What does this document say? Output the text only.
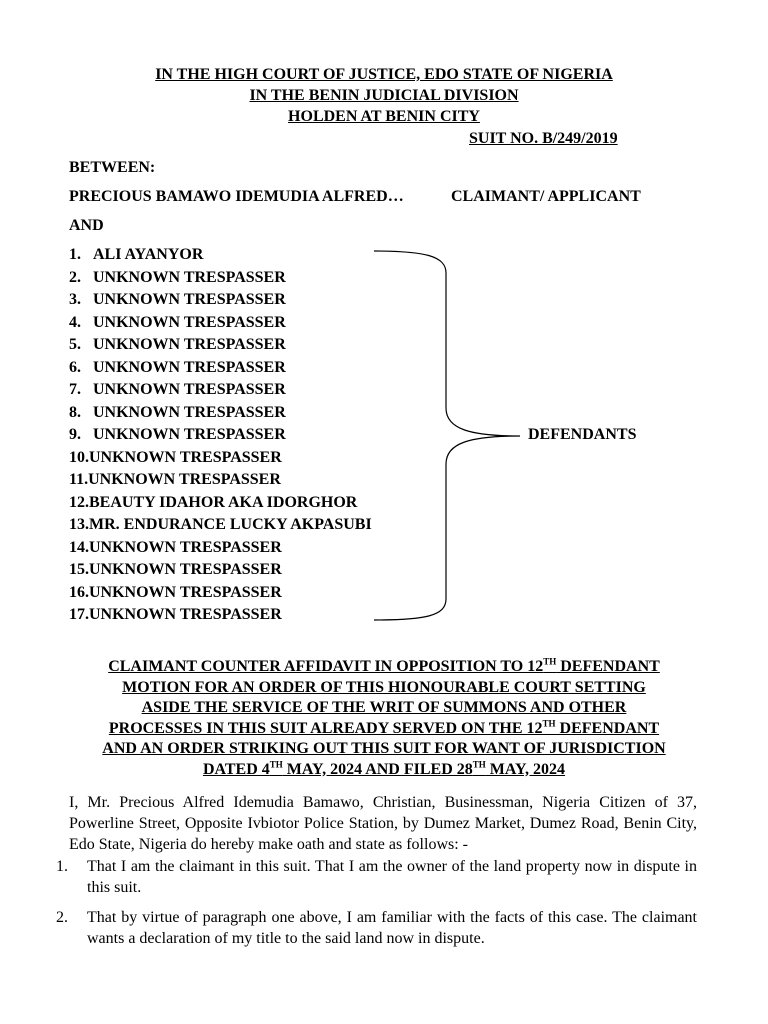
IN THE HIGH COURT OF JUSTICE, EDO STATE OF NIGERIA
IN THE BENIN JUDICIAL DIVISION
HOLDEN AT BENIN CITY
SUIT NO. B/249/2019
BETWEEN:
PRECIOUS BAMAWO IDEMUDIA ALFRED…	CLAIMANT/ APPLICANT
AND
1. ALI AYANYOR
2. UNKNOWN TRESPASSER
3. UNKNOWN TRESPASSER
4. UNKNOWN TRESPASSER
5. UNKNOWN TRESPASSER
6. UNKNOWN TRESPASSER
7. UNKNOWN TRESPASSER
8. UNKNOWN TRESPASSER
9. UNKNOWN TRESPASSER
10.UNKNOWN TRESPASSER
11.UNKNOWN TRESPASSER
12.BEAUTY IDAHOR AKA IDORGHOR
13.MR. ENDURANCE LUCKY AKPASUBI
14.UNKNOWN TRESPASSER
15.UNKNOWN TRESPASSER
16.UNKNOWN TRESPASSER
17.UNKNOWN TRESPASSER
DEFENDANTS
CLAIMANT COUNTER AFFIDAVIT IN OPPOSITION TO 12TH DEFENDANT
MOTION FOR AN ORDER OF THIS HIONOURABLE COURT SETTING
ASIDE THE SERVICE OF THE WRIT OF SUMMONS AND OTHER
PROCESSES IN THIS SUIT ALREADY SERVED ON THE 12TH DEFENDANT
AND AN ORDER STRIKING OUT THIS SUIT FOR WANT OF JURISDICTION
DATED 4TH MAY, 2024 AND FILED 28TH MAY, 2024
I, Mr. Precious Alfred Idemudia Bamawo, Christian, Businessman, Nigeria Citizen of 37, Powerline Street, Opposite Ivbiotor Police Station, by Dumez Market, Dumez Road, Benin City, Edo State, Nigeria do hereby make oath and state as follows: -
1. That I am the claimant in this suit. That I am the owner of the land property now in dispute in this suit.
2. That by virtue of paragraph one above, I am familiar with the facts of this case. The claimant wants a declaration of my title to the said land now in dispute.
